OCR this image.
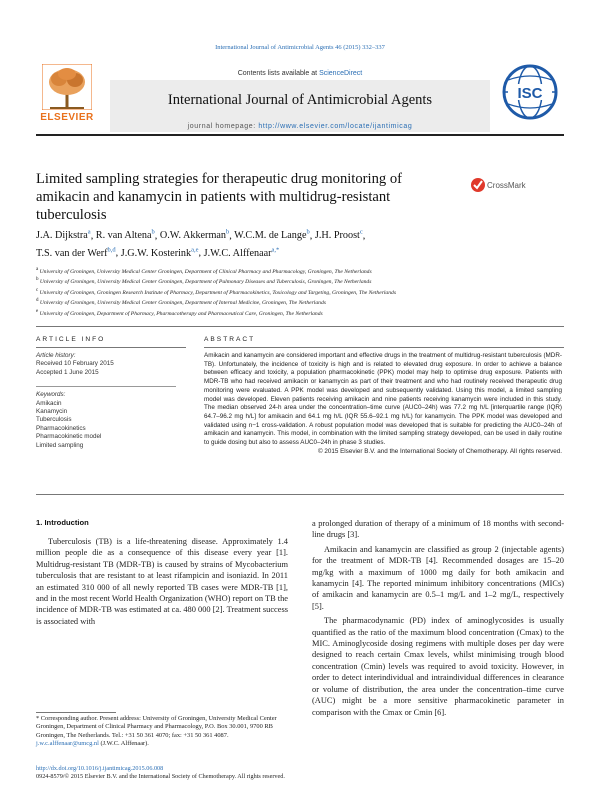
International Journal of Antimicrobial Agents 46 (2015) 332–337
ELSEVIER
Contents lists available at ScienceDirect
International Journal of Antimicrobial Agents
journal homepage: http://www.elsevier.com/locate/ijantimicag
ISC
Limited sampling strategies for therapeutic drug monitoring of amikacin and kanamycin in patients with multidrug-resistant tuberculosis
CrossMark
J.A. Dijkstra$^a$, R. van Altena$^b$, O.W. Akkerman$^b$, W.C.M. de Lange$^b$, J.H. Proost$^c$,
T.S. van der Werf$^{b,d}$, J.G.W. Kosterink$^{a,e}$, J.W.C. Alffenaar$^{a,*}$
$^a$ University of Groningen, University Medical Center Groningen, Department of Clinical Pharmacy and Pharmacology, Groningen, The Netherlands
$^b$ University of Groningen, University Medical Center Groningen, Department of Pulmonary Diseases and Tuberculosis, Groningen, The Netherlands
$^c$ University of Groningen, Groningen Research Institute of Pharmacy, Department of Pharmacokinetics, Toxicology and Targeting, Groningen, The Netherlands
$^d$ University of Groningen, University Medical Center Groningen, Department of Internal Medicine, Groningen, The Netherlands
$^e$ University of Groningen, Department of Pharmacy, Pharmacotherapy and Pharmaceutical Care, Groningen, The Netherlands
ARTICLE INFO	ABSTRACT
Article history:
Received 10 February 2015
Accepted 1 June 2015
Keywords:
Amikacin
Kanamycin
Tuberculosis
Pharmacokinetics
Pharmacokinetic model
Limited sampling
Amikacin and kanamycin are considered important and effective drugs in the treatment of multidrug-resistant tuberculosis (MDR-TB). Unfortunately, the incidence of toxicity is high and is related to elevated drug exposure. In order to achieve a balance between efficacy and toxicity, a population pharmacokinetic (PPK) model may help to optimise drug exposure. Patients with MDR-TB who had received amikacin or kanamycin as part of their treatment and who had routinely received therapeutic drug monitoring were evaluated. A PPK model was developed and subsequently validated. Using this model, a limited sampling model was developed. Eleven patients receiving amikacin and nine patients receiving kanamycin were included in this study. The median observed 24-h area under the concentration–time curve (AUC0–24h) was 77.2 mg h/L [interquartile range (IQR) 64.7–96.2 mg h/L] for amikacin and 64.1 mg h/L (IQR 55.6–92.1 mg h/L) for kanamycin. The PPK model was developed and validated using n−1 cross-validation. A robust population model was developed that is suitable for predicting the AUC0–24h of amikacin and kanamycin. This model, in combination with the limited sampling strategy developed, can be used in daily routine to guide dosing but also to assess AUC0–24h in phase 3 studies.
© 2015 Elsevier B.V. and the International Society of Chemotherapy. All rights reserved.
1. Introduction

Tuberculosis (TB) is a life-threatening disease. Approximately 1.4 million people die as a consequence of this disease every year [1]. Multidrug-resistant TB (MDR-TB) is caused by strains of Mycobacterium tuberculosis that are resistant to at least rifampicin and isoniazid. In 2011 an estimated 310 000 of all newly reported TB cases were MDR-TB [1], and in the most recent World Health Organization (WHO) report on TB the incidence of MDR-TB was estimated at ca. 480 000 [2]. Treatment success is associated with

a prolonged duration of therapy of a minimum of 18 months with second-line drugs [3].

Amikacin and kanamycin are classified as group 2 (injectable agents) for the treatment of MDR-TB [4]. Recommended dosages are 15–20 mg/kg with a maximum of 1000 mg daily for both amikacin and kanamycin [4]. The reported minimum inhibitory concentrations (MICs) of amikacin and kanamycin are 0.5–1 mg/L and 1–2 mg/L, respectively [5].

The pharmacodynamic (PD) index of aminoglycosides is usually quantified as the ratio of the maximum blood concentration (Cmax) to the MIC. Aminoglycoside dosing regimens with multiple doses per day were designed to reach certain Cmax levels, whilst minimising trough blood concentration (Cmin) levels was required to avoid toxicity. However, in order to detect interindividual and intraindividual differences in clearance or volume of distribution, the area under the concentration–time curve (AUC) might be a more sensitive pharmacokinetic parameter in comparison with the Cmax or Cmin [6].

* Corresponding author. Present address: University of Groningen, University Medical Center Groningen, Department of Clinical Pharmacy and Pharmacology, P.O. Box 30.001, 9700 RB Groningen, The Netherlands. Tel.: +31 50 361 4070; fax: +31 50 361 4087.
j.w.c.alffenaar@umcg.nl (J.W.C. Alffenaar).
http://dx.doi.org/10.1016/j.ijantimicag.2015.06.008
0924-8579/© 2015 Elsevier B.V. and the International Society of Chemotherapy. All rights reserved.
